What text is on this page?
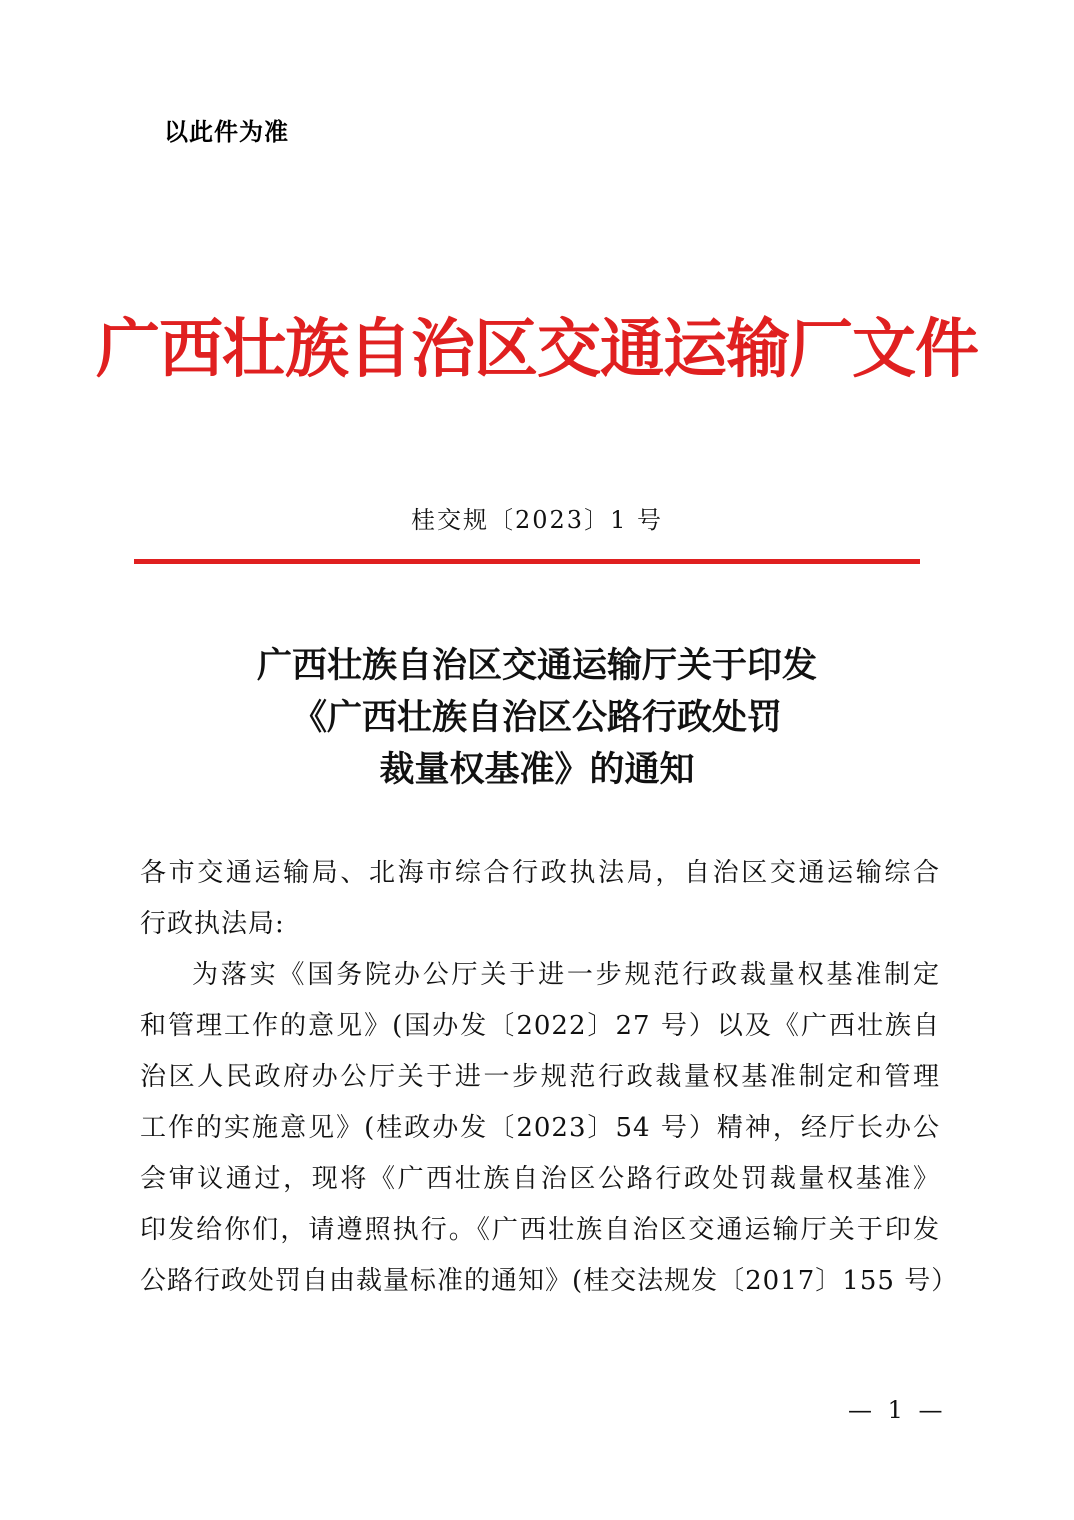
以此件为准
广西壮族自治区交通运输厂文件
桂交规〔2023〕1 号
广西壮族自治区交通运输厅关于印发
《广西壮族自治区公路行政处罚
裁量权基准》的通知
各市交通运输局、北海市综合行政执法局，自治区交通运输综合
行政执法局:
为落实《国务院办公厅关于进一步规范行政裁量权基准制定
和管理工作的意见》(国办发〔2022〕27 号）以及《广西壮族自
治区人民政府办公厅关于进一步规范行政裁量权基准制定和管理
工作的实施意见》(桂政办发〔2023〕54 号）精神，经厅长办公
会审议通过，现将《广西壮族自治区公路行政处罚裁量权基准》
印发给你们，请遵照执行。《广西壮族自治区交通运输厅关于印发
公路行政处罚自由裁量标准的通知》(桂交法规发〔2017〕155 号）
— 1 —
